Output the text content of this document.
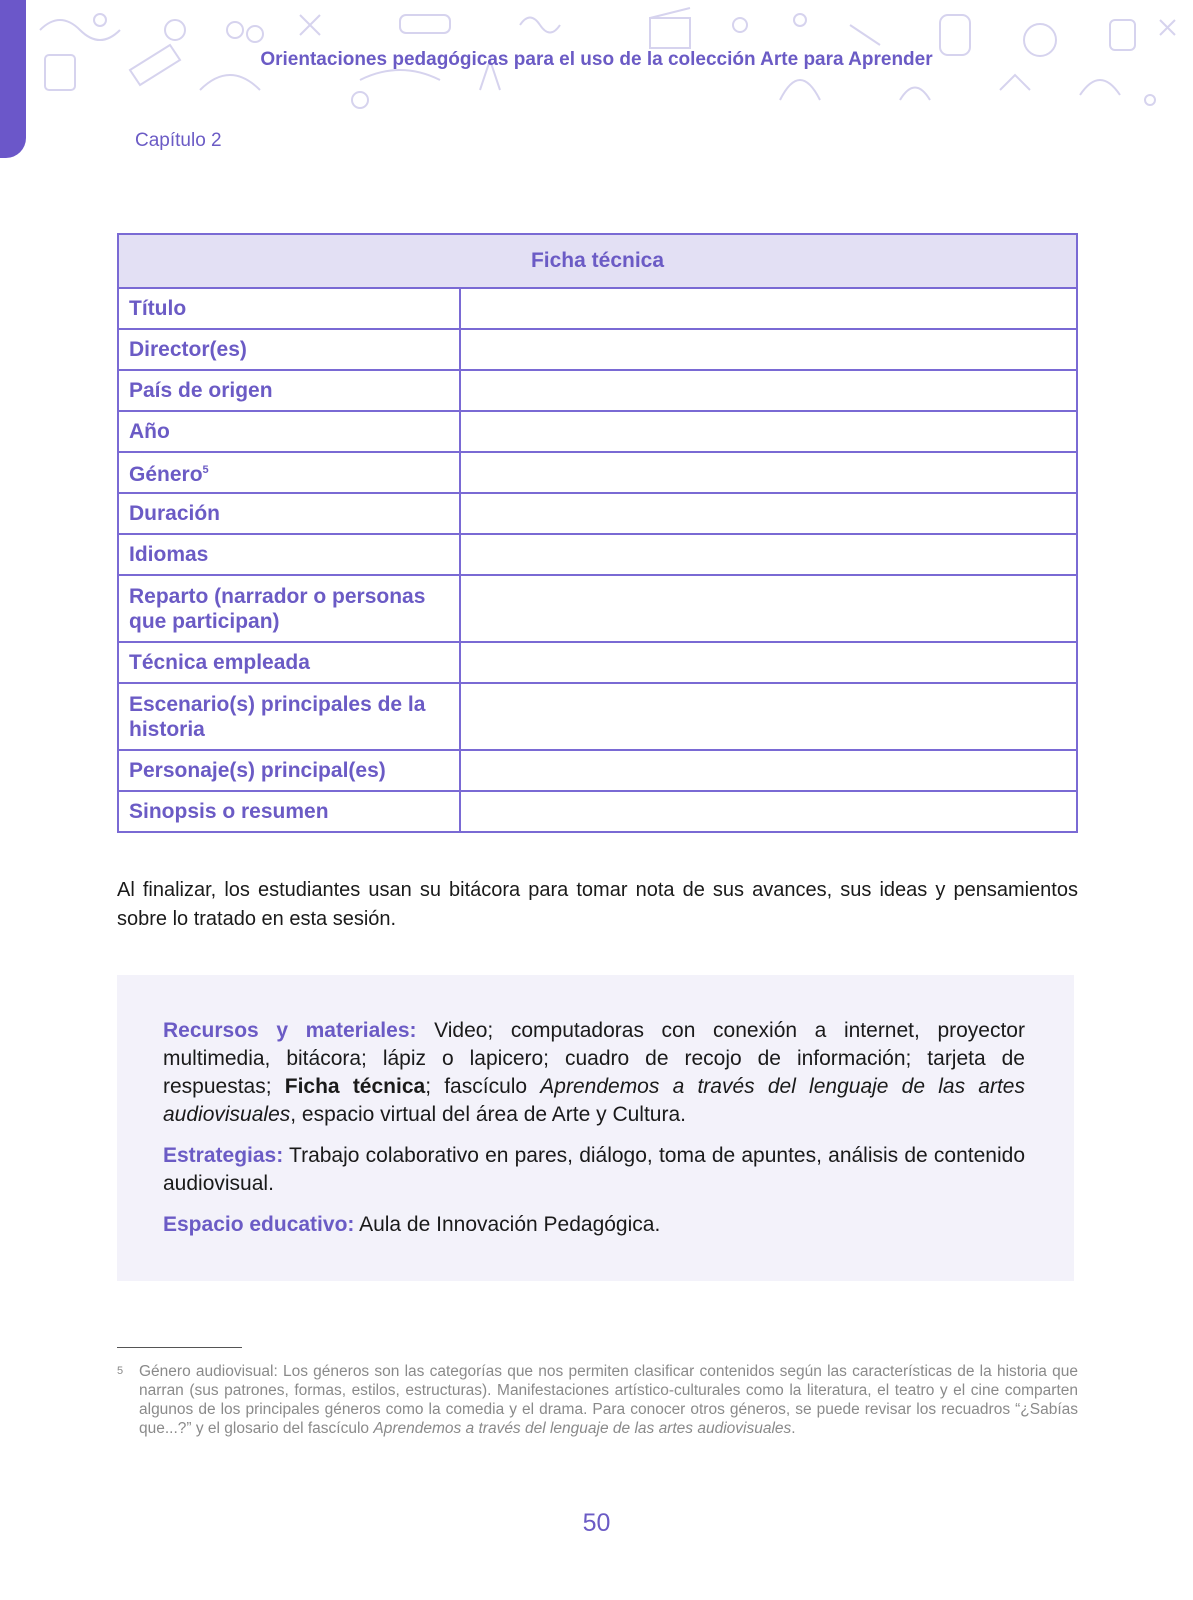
Orientaciones pedagógicas para el uso de la colección Arte para Aprender
Capítulo 2
Ficha técnica	
Título	
Director(es)	
País de origen	
Año	
Género$^5$	
Duración	
Idiomas	
Reparto (narrador o personas que participan)	
Técnica empleada	
Escenario(s) principales de la historia	
Personaje(s) principal(es)	
Sinopsis o resumen	
Al finalizar, los estudiantes usan su bitácora para tomar nota de sus avances, sus ideas y pensamientos sobre lo tratado en esta sesión.

Recursos y materiales: Video; computadoras con conexión a internet, proyector multimedia, bitácora; lápiz o lapicero; cuadro de recojo de información; tarjeta de respuestas; Ficha técnica; fascículo Aprendemos a través del lenguaje de las artes audiovisuales, espacio virtual del área de Arte y Cultura.

Estrategias: Trabajo colaborativo en pares, diálogo, toma de apuntes, análisis de contenido audiovisual.

Espacio educativo: Aula de Innovación Pedagógica.

5	Género audiovisual: Los géneros son las categorías que nos permiten clasificar contenidos según las características de la historia que narran (sus patrones, formas, estilos, estructuras). Manifestaciones artístico-culturales como la literatura, el teatro y el cine comparten algunos de los principales géneros como la comedia y el drama. Para conocer otros géneros, se puede revisar los recuadros “¿Sabías que...?” y el glosario del fascículo Aprendemos a través del lenguaje de las artes audiovisuales.
50
